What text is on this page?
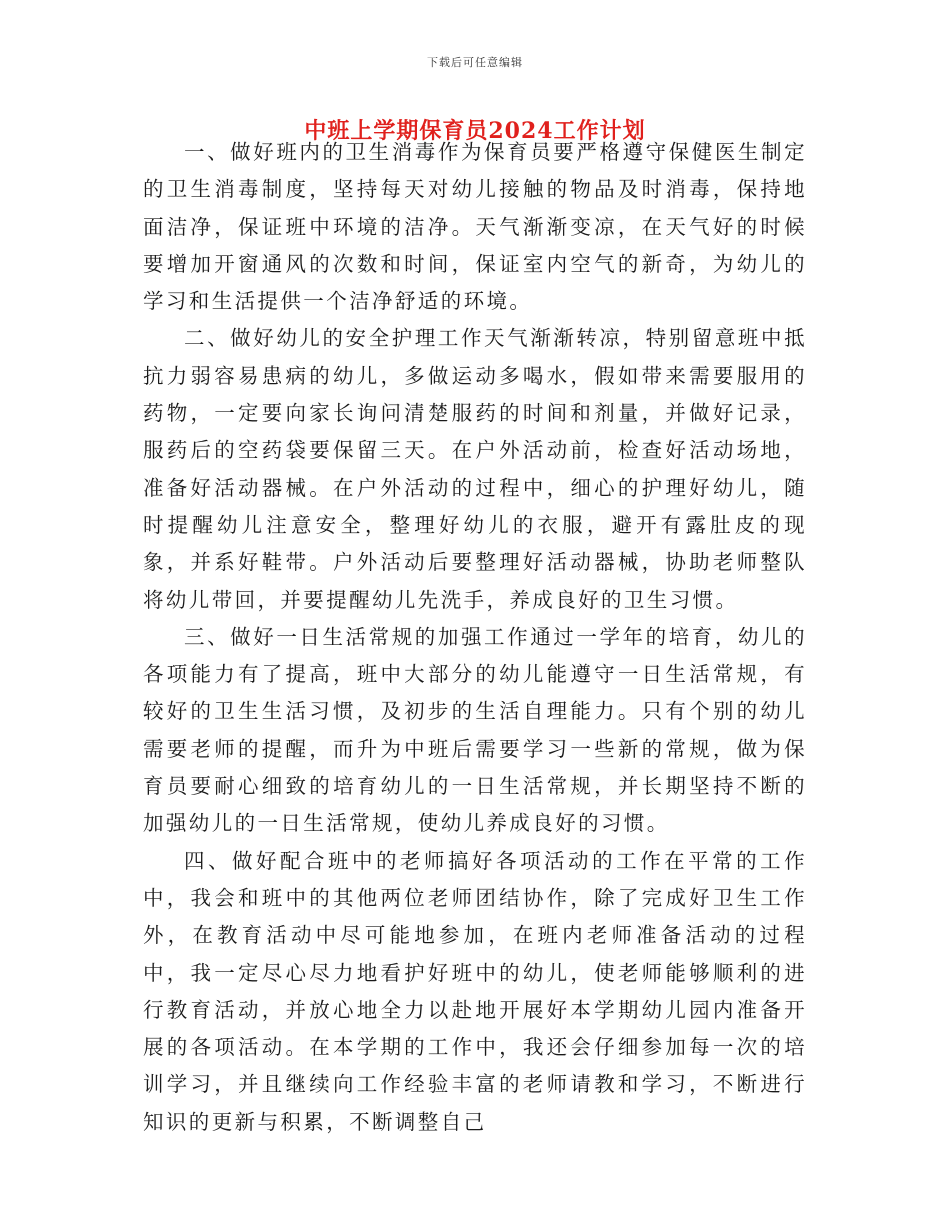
下载后可任意编辑
中班上学期保育员2024工作计划

一、做好班内的卫生消毒作为保育员要严格遵守保健医生制定的卫生消毒制度，坚持每天对幼儿接触的物品及时消毒，保持地面洁净，保证班中环境的洁净。天气渐渐变凉，在天气好的时候要增加开窗通风的次数和时间，保证室内空气的新奇，为幼儿的学习和生活提供一个洁净舒适的环境。

二、做好幼儿的安全护理工作天气渐渐转凉，特别留意班中抵抗力弱容易患病的幼儿，多做运动多喝水，假如带来需要服用的药物，一定要向家长询问清楚服药的时间和剂量，并做好记录，服药后的空药袋要保留三天。在户外活动前，检查好活动场地，准备好活动器械。在户外活动的过程中，细心的护理好幼儿，随时提醒幼儿注意安全，整理好幼儿的衣服，避开有露肚皮的现象，并系好鞋带。户外活动后要整理好活动器械，协助老师整队将幼儿带回，并要提醒幼儿先洗手，养成良好的卫生习惯。

三、做好一日生活常规的加强工作通过一学年的培育，幼儿的各项能力有了提高，班中大部分的幼儿能遵守一日生活常规，有较好的卫生生活习惯，及初步的生活自理能力。只有个别的幼儿需要老师的提醒，而升为中班后需要学习一些新的常规，做为保育员要耐心细致的培育幼儿的一日生活常规，并长期坚持不断的加强幼儿的一日生活常规，使幼儿养成良好的习惯。

四、做好配合班中的老师搞好各项活动的工作在平常的工作中，我会和班中的其他两位老师团结协作，除了完成好卫生工作外，在教育活动中尽可能地参加，在班内老师准备活动的过程中，我一定尽心尽力地看护好班中的幼儿，使老师能够顺利的进行教育活动，并放心地全力以赴地开展好本学期幼儿园内准备开展的各项活动。在本学期的工作中，我还会仔细参加每一次的培训学习，并且继续向工作经验丰富的老师请教和学习，不断进行知识的更新与积累，不断调整自己
